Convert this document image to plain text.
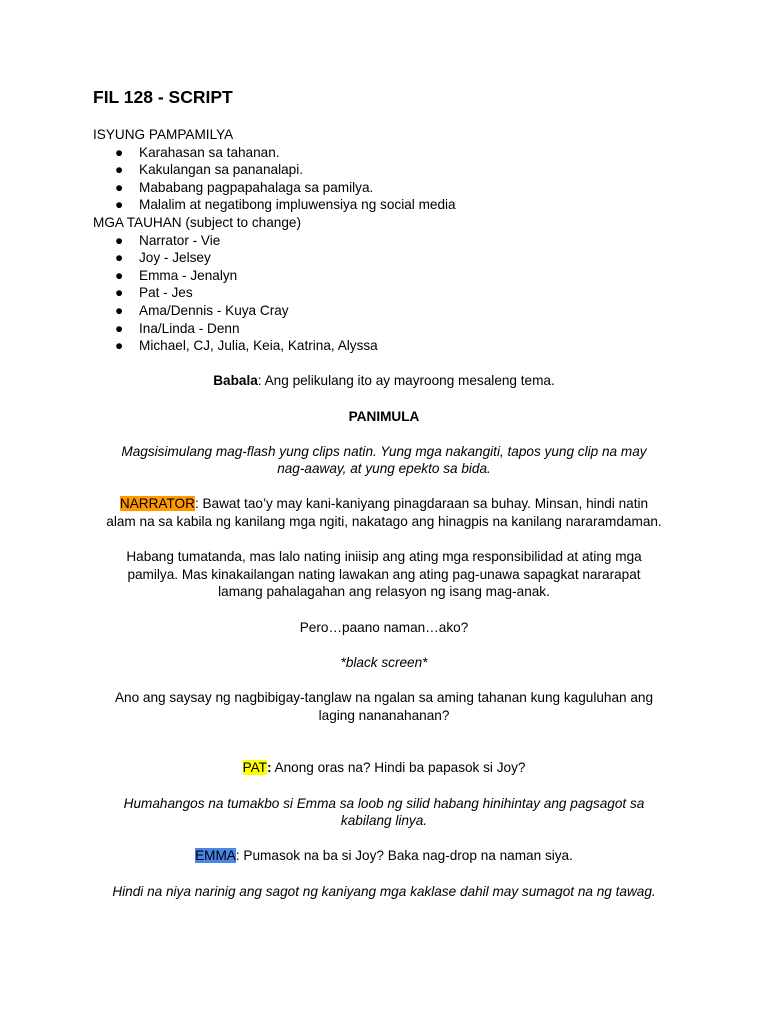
FIL 128 - SCRIPT
ISYUNG PAMPAMILYA
● Karahasan sa tahanan.
● Kakulangan sa pananalapi.
● Mababang pagpapahalaga sa pamilya.
● Malalim at negatibong impluwensiya ng social media
MGA TAUHAN (subject to change)
● Narrator - Vie
● Joy - Jelsey
● Emma - Jenalyn
● Pat - Jes
● Ama/Dennis - Kuya Cray
● Ina/Linda - Denn
● Michael, CJ, Julia, Keia, Katrina, Alyssa
Babala: Ang pelikulang ito ay mayroong mesaleng tema.
PANIMULA
Magsisimulang mag-flash yung clips natin. Yung mga nakangiti, tapos yung clip na may
nag-aaway, at yung epekto sa bida.
NARRATOR: Bawat tao’y may kani-kaniyang pinagdaraan sa buhay. Minsan, hindi natin
alam na sa kabila ng kanilang mga ngiti, nakatago ang hinagpis na kanilang nararamdaman.
Habang tumatanda, mas lalo nating iniisip ang ating mga responsibilidad at ating mga
pamilya. Mas kinakailangan nating lawakan ang ating pag-unawa sapagkat nararapat
lamang pahalagahan ang relasyon ng isang mag-anak.
Pero…paano naman…ako?
*black screen*
Ano ang saysay ng nagbibigay-tanglaw na ngalan sa aming tahanan kung kaguluhan ang
laging nananahanan?
PAT: Anong oras na? Hindi ba papasok si Joy?
Humahangos na tumakbo si Emma sa loob ng silid habang hinihintay ang pagsagot sa
kabilang linya.
EMMA: Pumasok na ba si Joy? Baka nag-drop na naman siya.
Hindi na niya narinig ang sagot ng kaniyang mga kaklase dahil may sumagot na ng tawag.
